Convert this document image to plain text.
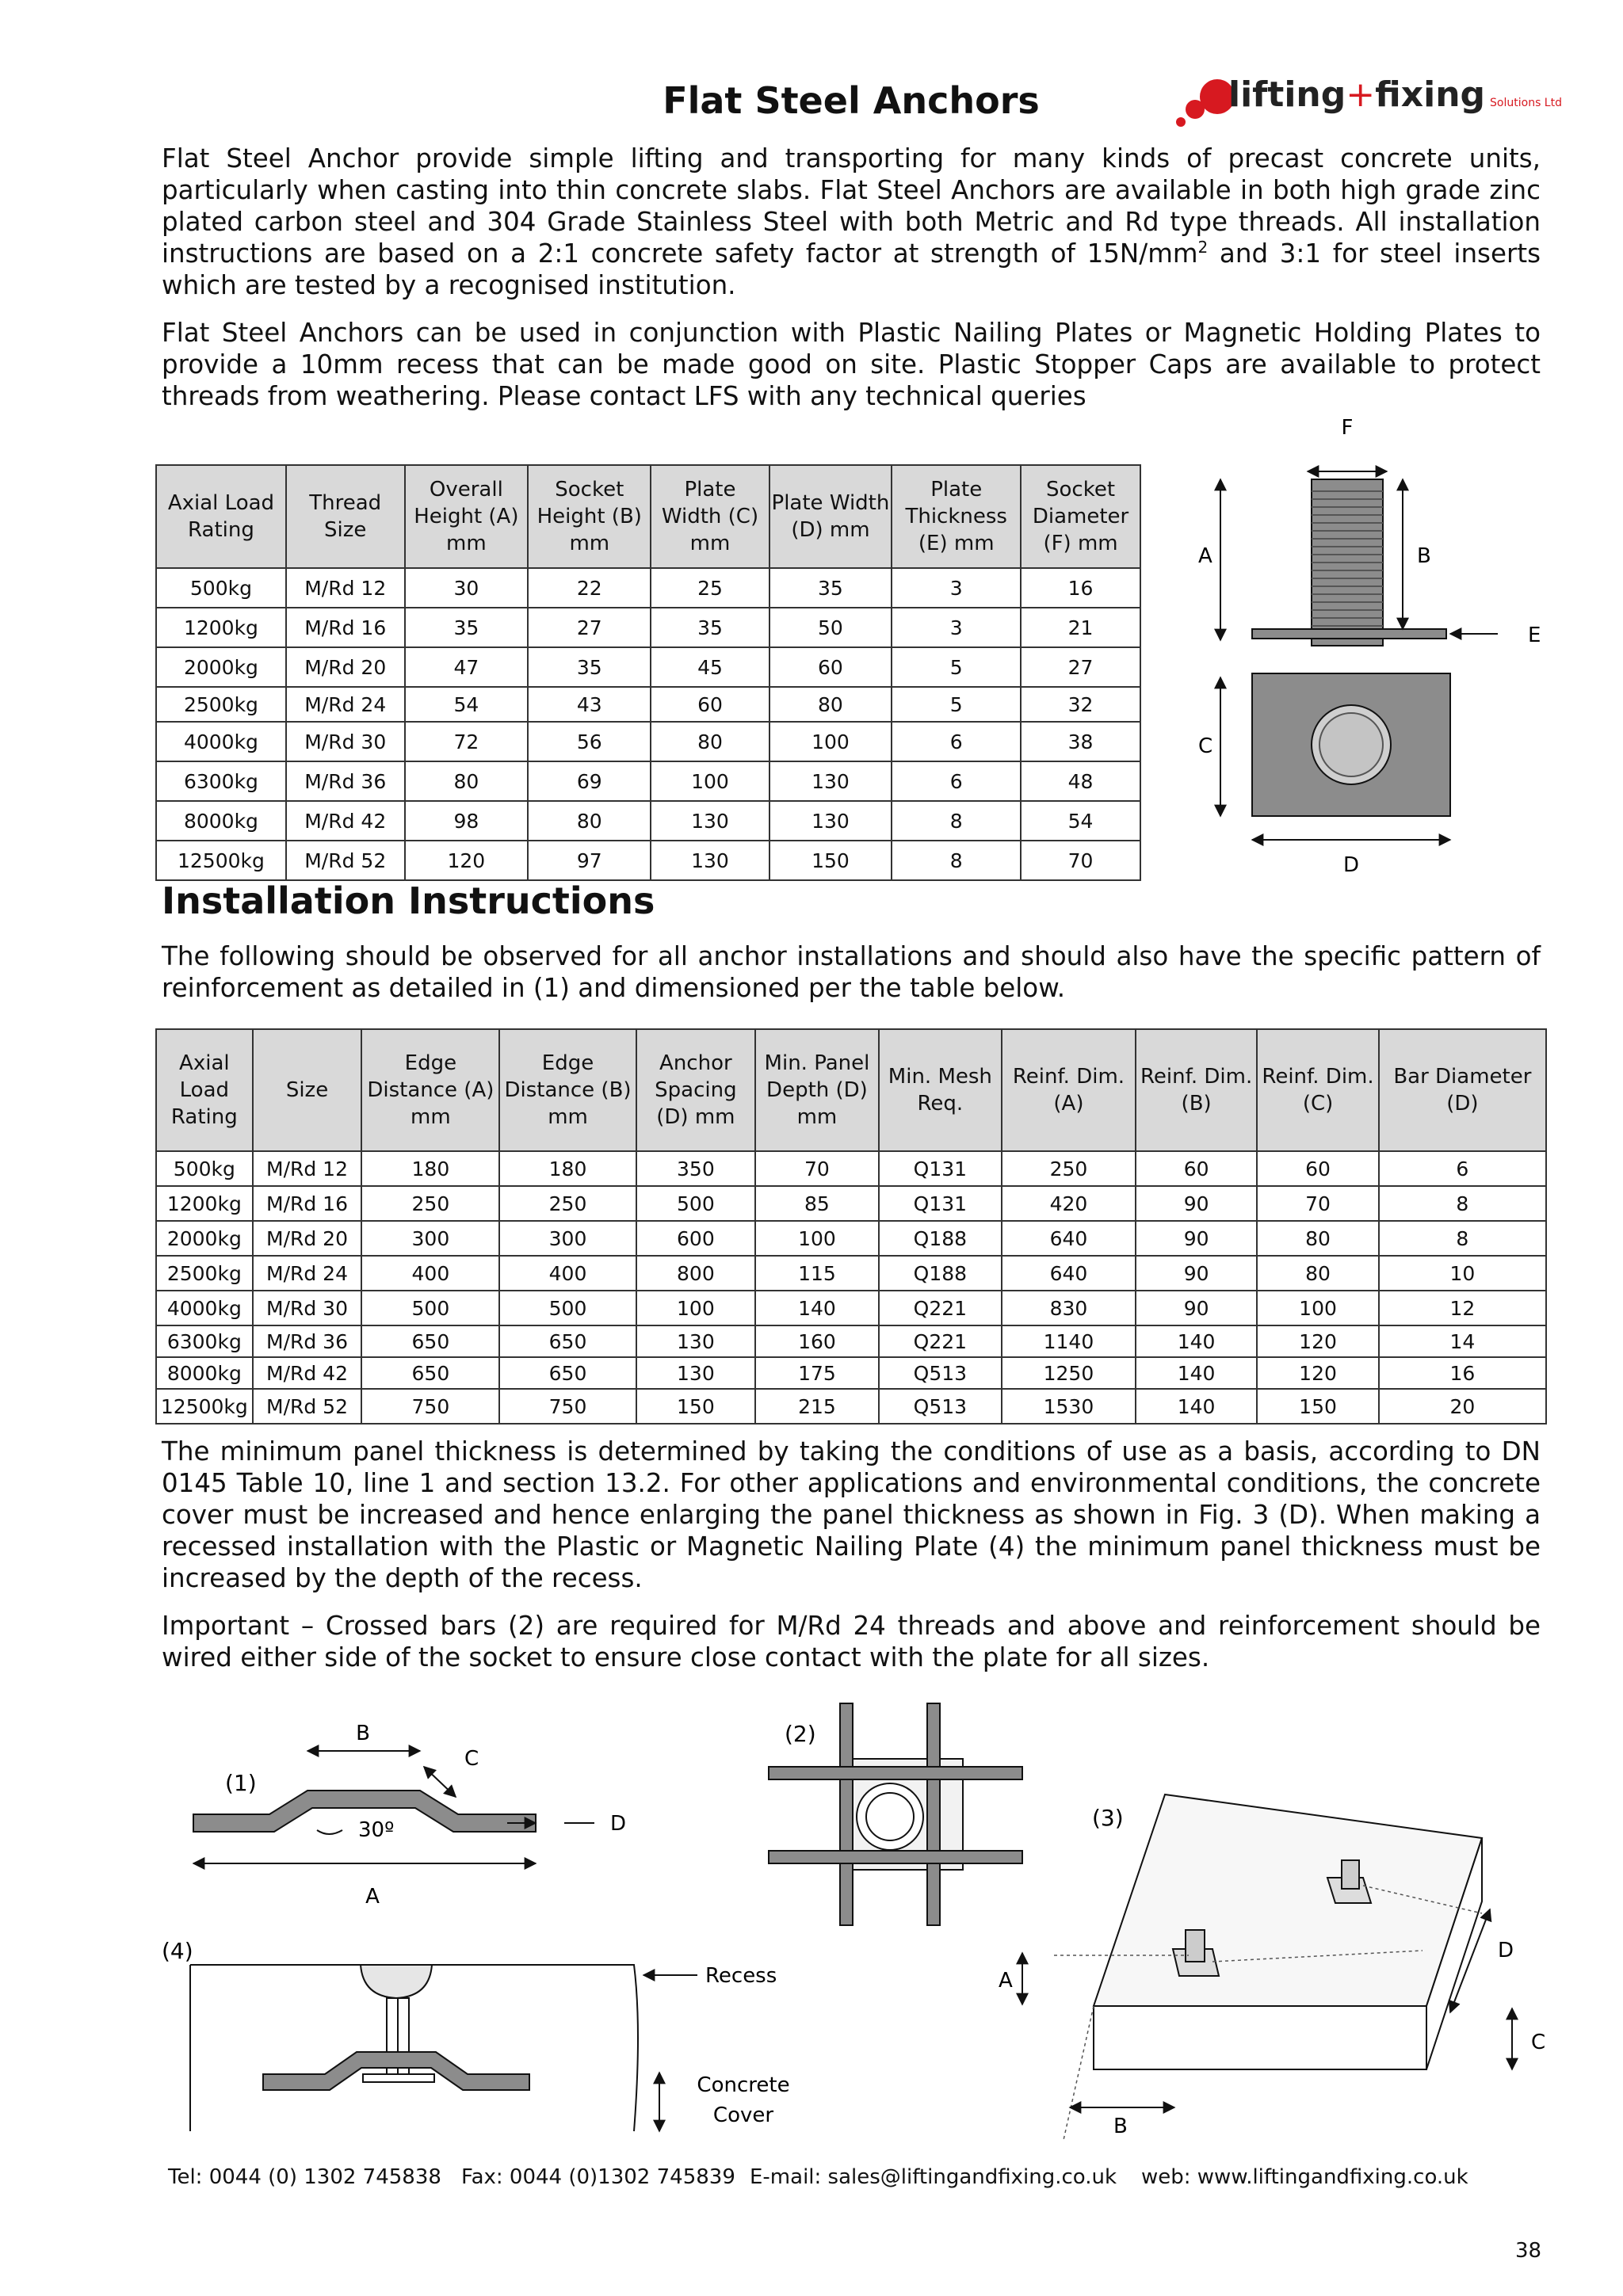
Flat Steel Anchors	lifting+fixing Solutions Ltd
Flat Steel Anchor provide simple lifting and transporting for many kinds of precast concrete units, particularly when casting into thin concrete slabs. Flat Steel Anchors are available in both high grade zinc plated carbon steel and 304 Grade Stainless Steel with both Metric and Rd type threads. All installation instructions are based on a 2:1 concrete safety factor at strength of $15N/mm^2$ and 3:1 for steel inserts which are tested by a recognised institution.
Flat Steel Anchors can be used in conjunction with Plastic Nailing Plates or Magnetic Holding Plates to provide a 10mm recess that can be made good on site. Plastic Stopper Caps are available to protect threads from weathering. Please contact LFS with any technical queries
Axial Load Rating	Thread Size	Overall Height (A) mm	Socket Height (B) mm	Plate Width (C) mm	Plate Width (D) mm	Plate Thickness (E) mm	Socket Diameter (F) mm
500kg	M/Rd 12	30	22	25	35	3	16
1200kg	M/Rd 16	35	27	35	50	3	21
2000kg	M/Rd 20	47	35	45	60	5	27
2500kg	M/Rd 24	54	43	60	80	5	32
4000kg	M/Rd 30	72	56	80	100	6	38
6300kg	M/Rd 36	80	69	100	130	6	48
8000kg	M/Rd 42	98	80	130	130	8	54
12500kg	M/Rd 52	120	97	130	150	8	70
F
A	B
E
C
D
Installation Instructions
The following should be observed for all anchor installations and should also have the specific pattern of reinforcement as detailed in (1) and dimensioned per the table below.
Axial Load Rating	Size	Edge Distance (A) mm	Edge Distance (B) mm	Anchor Spacing (D) mm	Min. Panel Depth (D) mm	Min. Mesh Req.	Reinf. Dim. (A)	Reinf. Dim. (B)	Reinf. Dim. (C)	Bar Diameter (D)
500kg	M/Rd 12	180	180	350	70	Q131	250	60	60	6
1200kg	M/Rd 16	250	250	500	85	Q131	420	90	70	8
2000kg	M/Rd 20	300	300	600	100	Q188	640	90	80	8
2500kg	M/Rd 24	400	400	800	115	Q188	640	90	80	10
4000kg	M/Rd 30	500	500	100	140	Q221	830	90	100	12
6300kg	M/Rd 36	650	650	130	160	Q221	1140	140	120	14
8000kg	M/Rd 42	650	650	130	175	Q513	1250	140	120	16
12500kg	M/Rd 52	750	750	150	215	Q513	1530	140	150	20
The minimum panel thickness is determined by taking the conditions of use as a basis, according to DN 0145 Table 10, line 1 and section 13.2. For other applications and environmental conditions, the concrete cover must be increased and hence enlarging the panel thickness as shown in Fig. 3 (D). When making a recessed installation with the Plastic or Magnetic Nailing Plate (4) the minimum panel thickness must be increased by the depth of the recess.
Important – Crossed bars (2) are required for M/Rd 24 threads and above and reinforcement should be wired either side of the socket to ensure close contact with the plate for all sizes.
(1)
B
C
30º	D
A
(2)
(3)
A
D
C
B
(4)
Recess
Concrete
Cover
Tel: 0044 (0) 1302 745838 Fax: 0044 (0)1302 745839 E-mail: sales@liftingandfixing.co.uk web: www.liftingandfixing.co.uk
38
